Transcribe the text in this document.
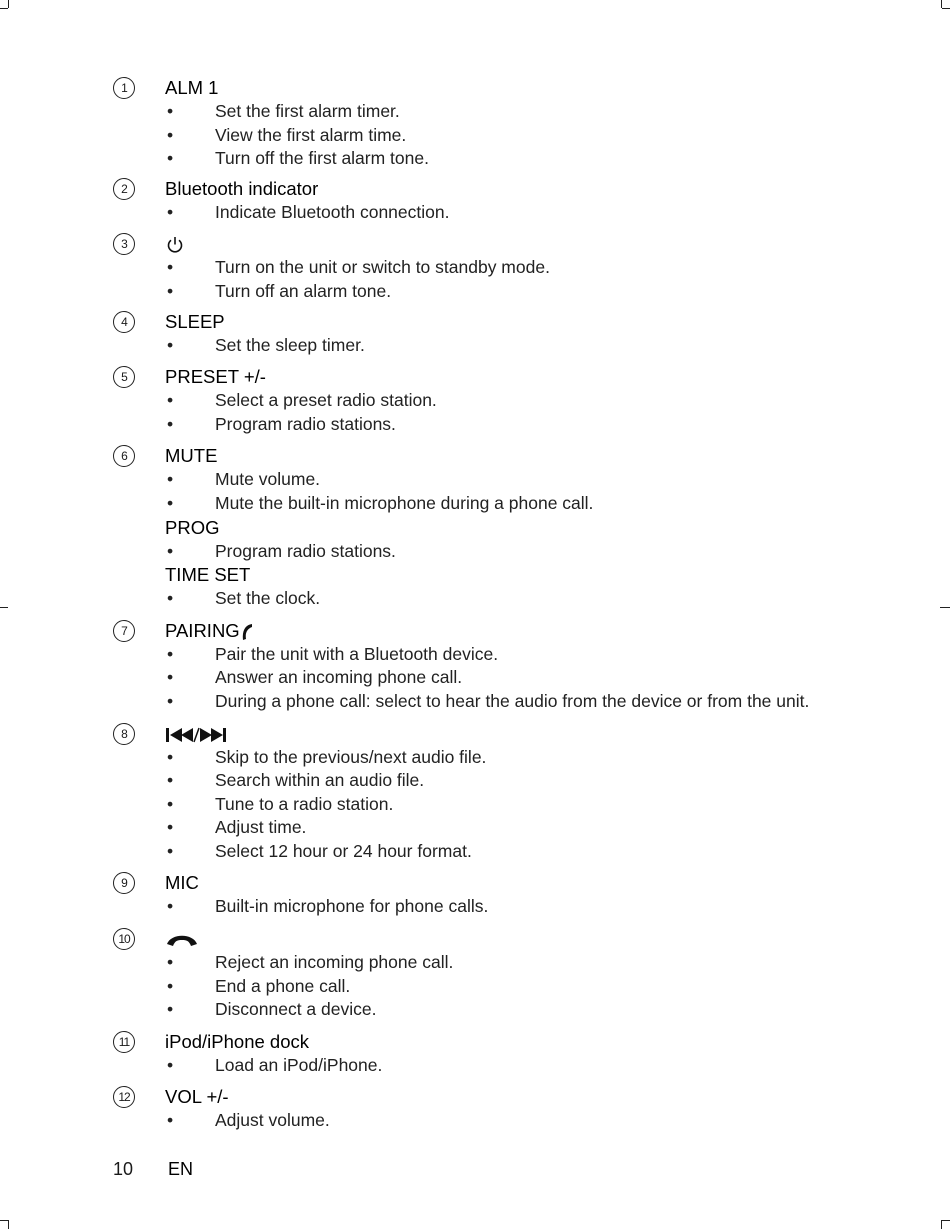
1	ALM 1
• Set the first alarm timer.
• View the first alarm time.
• Turn off the first alarm tone.
2	Bluetooth indicator
• Indicate Bluetooth connection.
3
• Turn on the unit or switch to standby mode.
• Turn off an alarm tone.
4	SLEEP
• Set the sleep timer.
5	PRESET +/-
• Select a preset radio station.
• Program radio stations.
6	MUTE
• Mute volume.
• Mute the built-in microphone during a phone call.
PROG
• Program radio stations.
TIME SET
• Set the clock.
7	PAIRING
• Pair the unit with a Bluetooth device.
• Answer an incoming phone call.
• During a phone call: select to hear the audio from the device or from the unit.
8
• Skip to the previous/next audio file.
• Search within an audio file.
• Tune to a radio station.
• Adjust time.
• Select 12 hour or 24 hour format.
9	MIC
• Built-in microphone for phone calls.
10
• Reject an incoming phone call.
• End a phone call.
• Disconnect a device.
11	iPod/iPhone dock
• Load an iPod/iPhone.
12 VOL +/-
• Adjust volume.
10 EN
